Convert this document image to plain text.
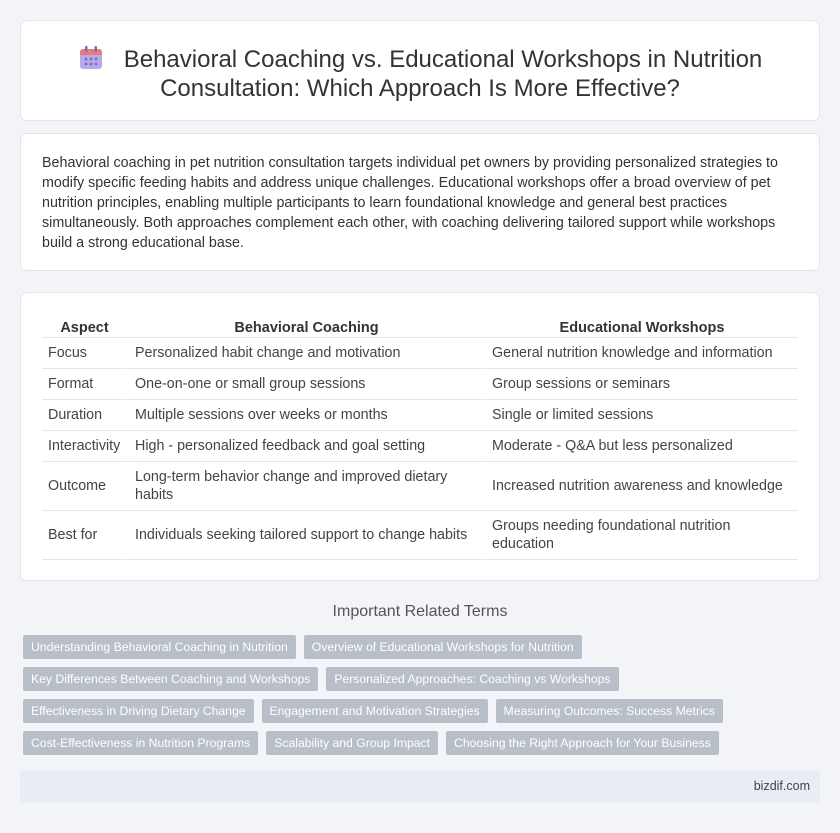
Behavioral Coaching vs. Educational Workshops in Nutrition
Consultation: Which Approach Is More Effective?

Behavioral coaching in pet nutrition consultation targets individual pet owners by providing personalized strategies to modify specific feeding habits and address unique challenges. Educational workshops offer a broad overview of pet nutrition principles, enabling multiple participants to learn foundational knowledge and general best practices simultaneously. Both approaches complement each other, with coaching delivering tailored support while workshops build a strong educational base.

Aspect	Behavioral Coaching	Educational Workshops
Focus	Personalized habit change and motivation	General nutrition knowledge and information
Format	One-on-one or small group sessions	Group sessions or seminars
Duration	Multiple sessions over weeks or months	Single or limited sessions
Interactivity	High - personalized feedback and goal setting	Moderate - Q&A but less personalized
Outcome	Long-term behavior change and improved dietary habits	Increased nutrition awareness and knowledge
Best for	Individuals seeking tailored support to change habits	Groups needing foundational nutrition education
Important Related Terms
Understanding Behavioral Coaching in Nutrition	Overview of Educational Workshops for Nutrition
Key Differences Between Coaching and Workshops	Personalized Approaches: Coaching vs Workshops
Effectiveness in Driving Dietary Change	Engagement and Motivation Strategies	Measuring Outcomes: Success Metrics
Cost-Effectiveness in Nutrition Programs	Scalability and Group Impact	Choosing the Right Approach for Your Business
bizdif.com
